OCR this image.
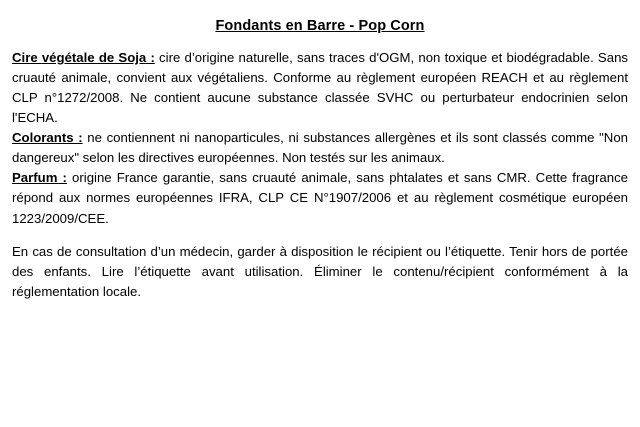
Fondants en Barre - Pop Corn

Cire végétale de Soja : cire d’origine naturelle, sans traces d'OGM, non toxique et biodégradable. Sans cruauté animale, convient aux végétaliens. Conforme au règlement européen REACH et au règlement CLP n°1272/2008. Ne contient aucune substance classée SVHC ou perturbateur endocrinien selon l'ECHA.

Colorants : ne contiennent ni nanoparticules, ni substances allergènes et ils sont classés comme "Non dangereux" selon les directives européennes. Non testés sur les animaux.

Parfum : origine France garantie, sans cruauté animale, sans phtalates et sans CMR. Cette fragrance répond aux normes européennes IFRA, CLP CE N°1907/2006 et au règlement cosmétique européen 1223/2009/CEE.

En cas de consultation d’un médecin, garder à disposition le récipient ou l’étiquette. Tenir hors de portée des enfants. Lire l’étiquette avant utilisation. Éliminer le contenu/récipient conformément à la réglementation locale.
